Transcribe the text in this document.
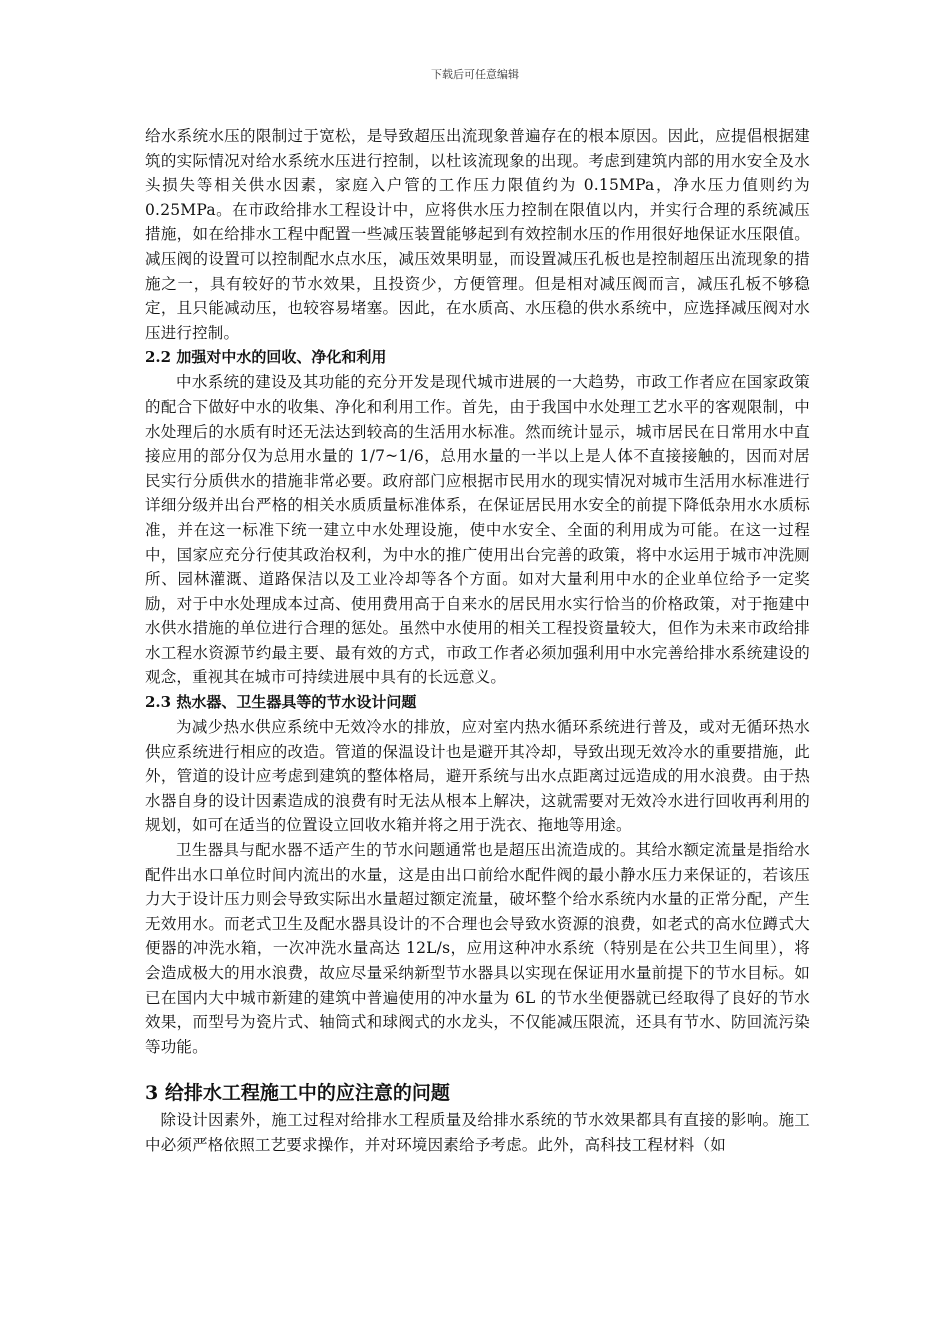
下载后可任意编辑

给水系统水压的限制过于宽松，是导致超压出流现象普遍存在的根本原因。因此，应提倡根据建筑的实际情况对给水系统水压进行控制，以杜该流现象的出现。考虑到建筑内部的用水安全及水头损失等相关供水因素，家庭入户管的工作压力限值约为 0.15MPa，净水压力值则约为 0.25MPa。在市政给排水工程设计中，应将供水压力控制在限值以内，并实行合理的系统减压措施，如在给排水工程中配置一些减压装置能够起到有效控制水压的作用很好地保证水压限值。减压阀的设置可以控制配水点水压，减压效果明显，而设置减压孔板也是控制超压出流现象的措施之一，具有较好的节水效果，且投资少，方便管理。但是相对减压阀而言，减压孔板不够稳定，且只能减动压，也较容易堵塞。因此，在水质高、水压稳的供水系统中，应选择减压阀对水压进行控制。

2.2 加强对中水的回收、净化和利用

中水系统的建设及其功能的充分开发是现代城市进展的一大趋势，市政工作者应在国家政策的配合下做好中水的收集、净化和利用工作。首先，由于我国中水处理工艺水平的客观限制，中水处理后的水质有时还无法达到较高的生活用水标准。然而统计显示，城市居民在日常用水中直接应用的部分仅为总用水量的 1/7~1/6，总用水量的一半以上是人体不直接接触的，因而对居民实行分质供水的措施非常必要。政府部门应根据市民用水的现实情况对城市生活用水标准进行详细分级并出台严格的相关水质质量标准体系，在保证居民用水安全的前提下降低杂用水水质标准，并在这一标准下统一建立中水处理设施，使中水安全、全面的利用成为可能。在这一过程中，国家应充分行使其政治权利，为中水的推广使用出台完善的政策，将中水运用于城市冲洗厕所、园林灌溉、道路保洁以及工业冷却等各个方面。如对大量利用中水的企业单位给予一定奖励，对于中水处理成本过高、使用费用高于自来水的居民用水实行恰当的价格政策，对于拖建中水供水措施的单位进行合理的惩处。虽然中水使用的相关工程投资量较大，但作为未来市政给排水工程水资源节约最主要、最有效的方式，市政工作者必须加强利用中水完善给排水系统建设的观念，重视其在城市可持续进展中具有的长远意义。

2.3 热水器、卫生器具等的节水设计问题

为减少热水供应系统中无效冷水的排放，应对室内热水循环系统进行普及，或对无循环热水供应系统进行相应的改造。管道的保温设计也是避开其冷却，导致出现无效冷水的重要措施，此外，管道的设计应考虑到建筑的整体格局，避开系统与出水点距离过远造成的用水浪费。由于热水器自身的设计因素造成的浪费有时无法从根本上解决，这就需要对无效冷水进行回收再利用的规划，如可在适当的位置设立回收水箱并将之用于洗衣、拖地等用途。

卫生器具与配水器不适产生的节水问题通常也是超压出流造成的。其给水额定流量是指给水配件出水口单位时间内流出的水量，这是由出口前给水配件阀的最小静水压力来保证的，若该压力大于设计压力则会导致实际出水量超过额定流量，破坏整个给水系统内水量的正常分配，产生无效用水。而老式卫生及配水器具设计的不合理也会导致水资源的浪费，如老式的高水位蹲式大便器的冲洗水箱，一次冲洗水量高达 12L/s，应用这种冲水系统（特别是在公共卫生间里），将会造成极大的用水浪费，故应尽量采纳新型节水器具以实现在保证用水量前提下的节水目标。如已在国内大中城市新建的建筑中普遍使用的冲水量为 6L 的节水坐便器就已经取得了良好的节水效果，而型号为瓷片式、轴筒式和球阀式的水龙头，不仅能减压限流，还具有节水、防回流污染等功能。

3 给排水工程施工中的应注意的问题

除设计因素外，施工过程对给排水工程质量及给排水系统的节水效果都具有直接的影响。施工中必须严格依照工艺要求操作，并对环境因素给予考虑。此外，高科技工程材料（如
